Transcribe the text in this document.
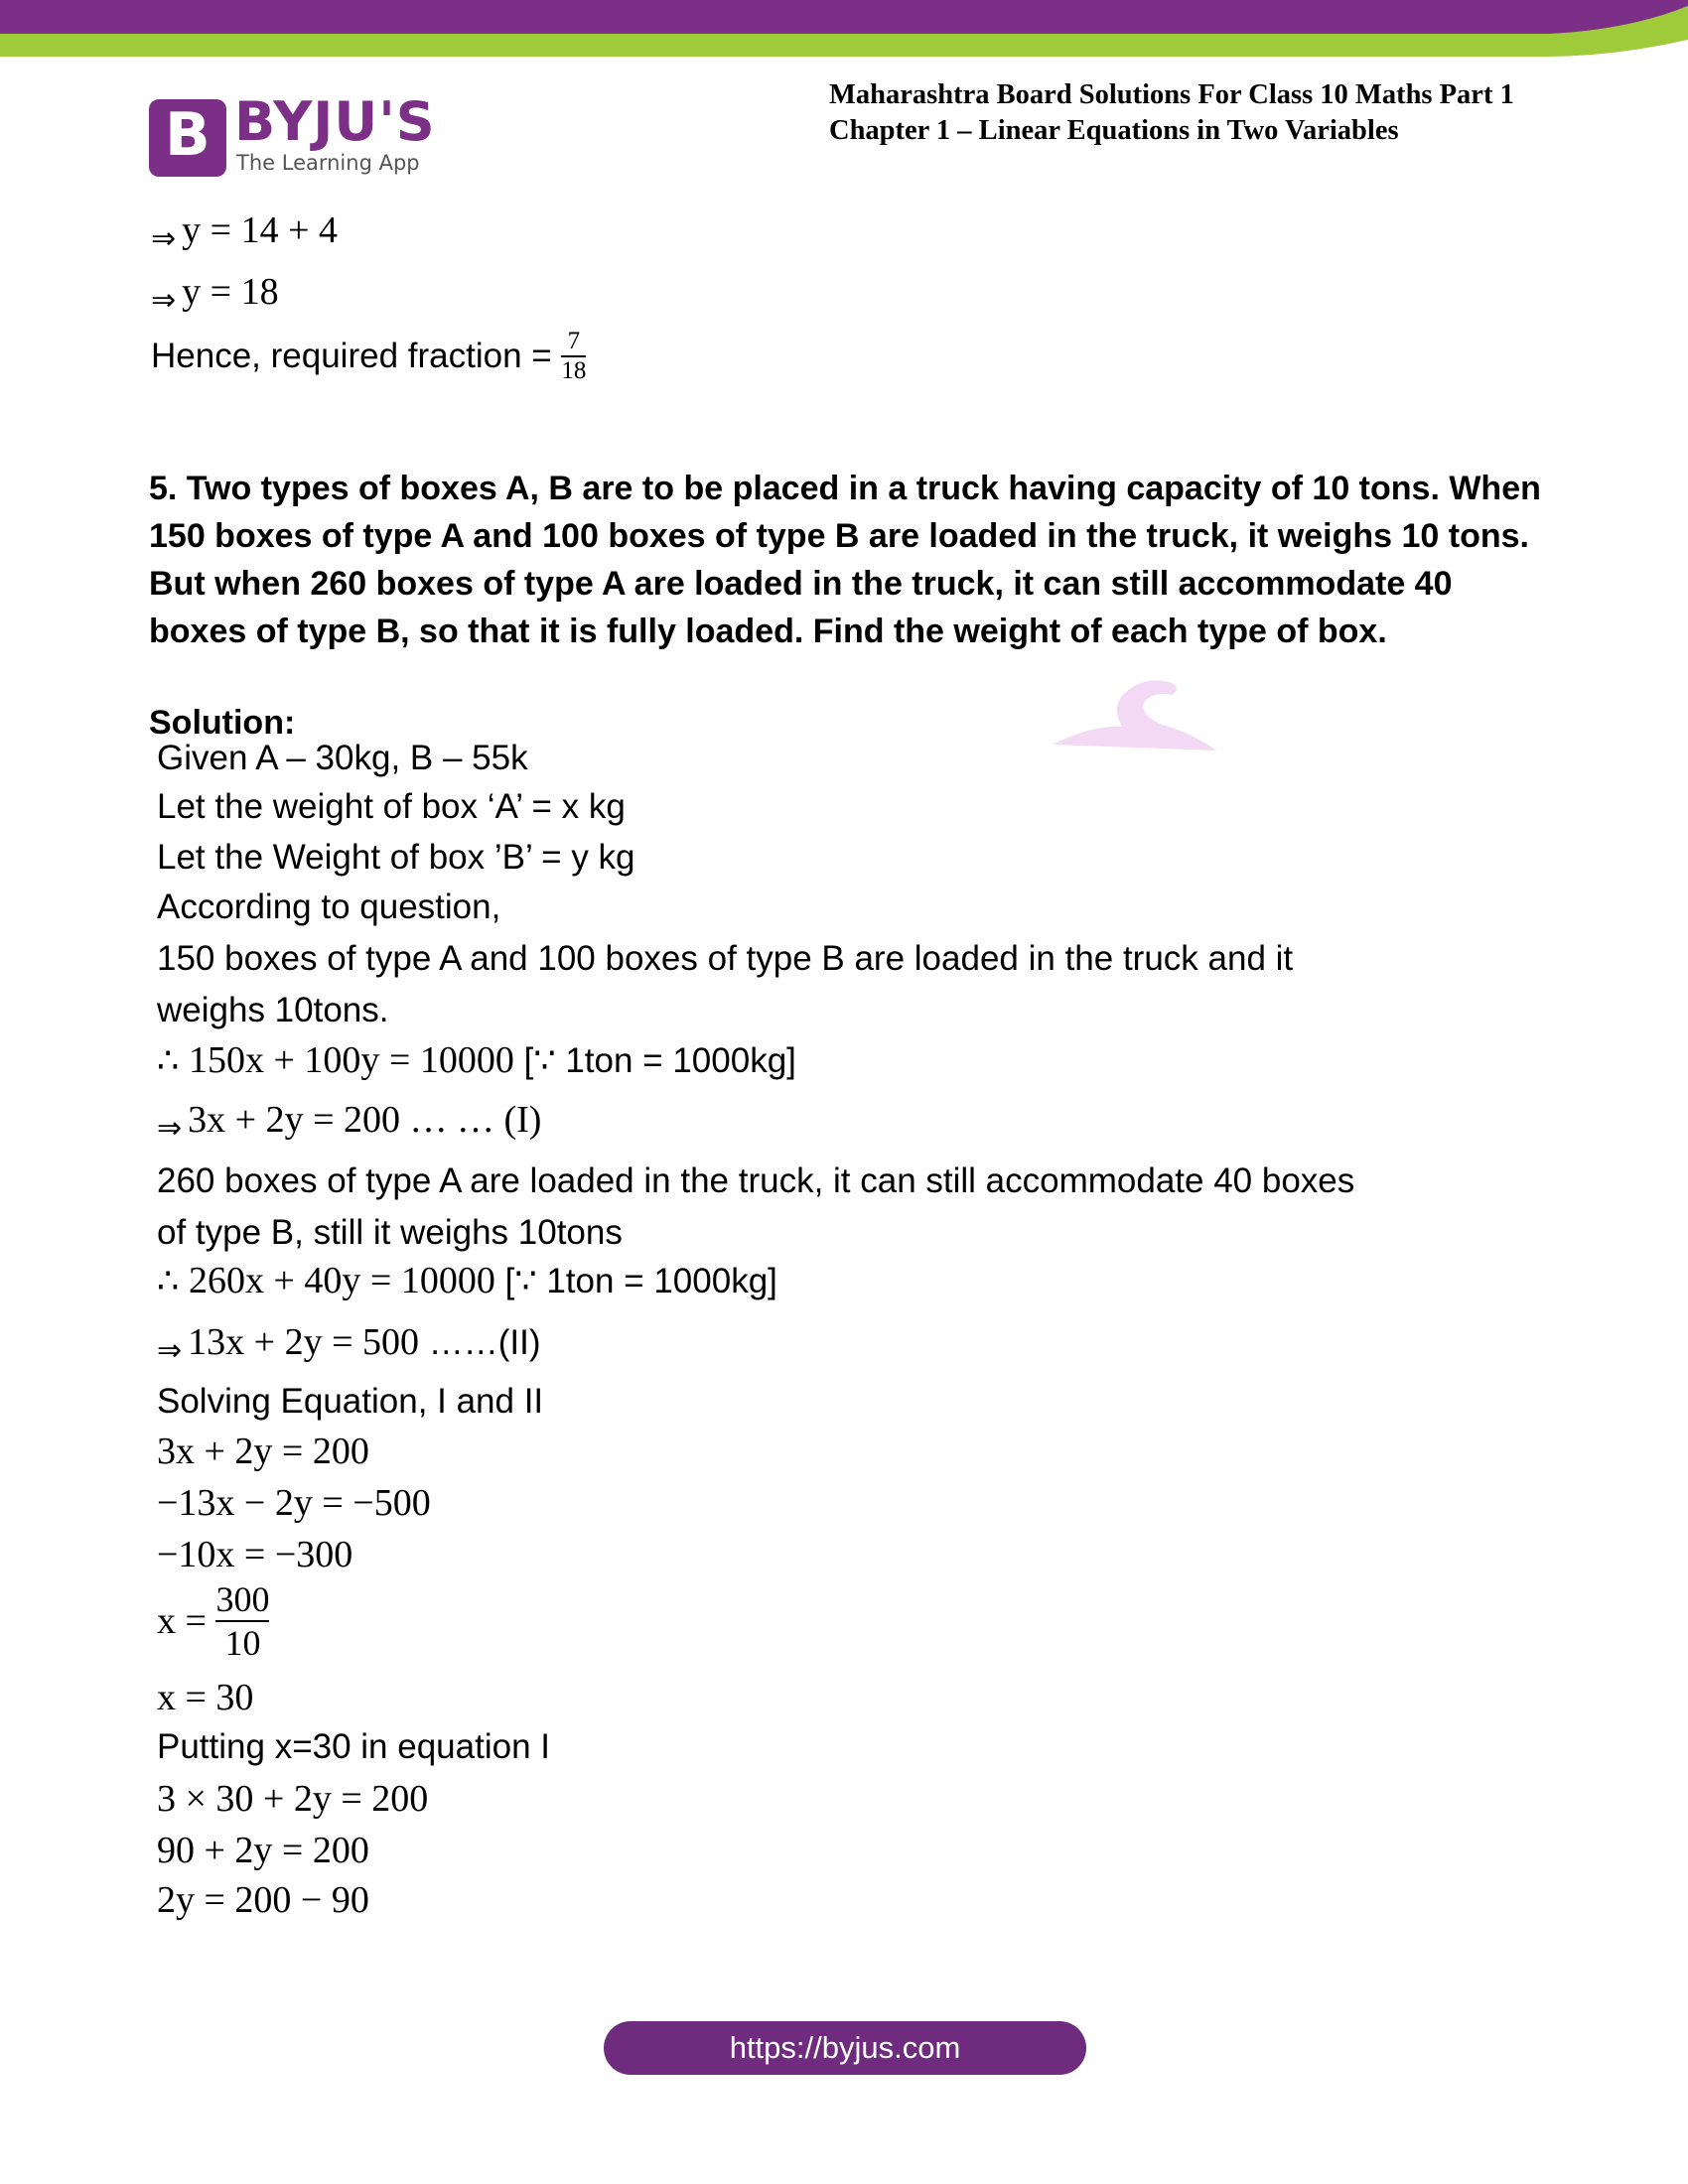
B BYJU'S
The Learning App
Maharashtra Board Solutions For Class 10 Maths Part 1
Chapter 1 – Linear Equations in Two Variables
⇒ y = 14 + 4
⇒ y = 18
Hence, required fraction = $\frac{7}{18}$

5. Two types of boxes A, B are to be placed in a truck having capacity of 10 tons. When 150 boxes of type A and 100 boxes of type B are loaded in the truck, it weighs 10 tons. But when 260 boxes of type A are loaded in the truck, it can still accommodate 40 boxes of type B, so that it is fully loaded. Find the weight of each type of box.

Solution:
Given A – 30kg, B – 55k
Let the weight of box ‘A’ = x kg
Let the Weight of box ’B’ = y kg
According to question,
150 boxes of type A and 100 boxes of type B are loaded in the truck and it
weighs 10tons.
∴ 150x + 100y = 10000 [∵ 1ton = 1000kg]
⇒ 3x + 2y = 200 … … (I)
260 boxes of type A are loaded in the truck, it can still accommodate 40 boxes
of type B, still it weighs 10tons
∴ 260x + 40y = 10000 [∵ 1ton = 1000kg]
⇒ 13x + 2y = 500 ……(II)
Solving Equation, I and II
3x + 2y = 200
−13x − 2y = −500
−10x = −300
$x = \frac{300}{10}$
x = 30
Putting x=30 in equation I
3 × 30 + 2y = 200
90 + 2y = 200
2y = 200 − 90
https://byjus.com
